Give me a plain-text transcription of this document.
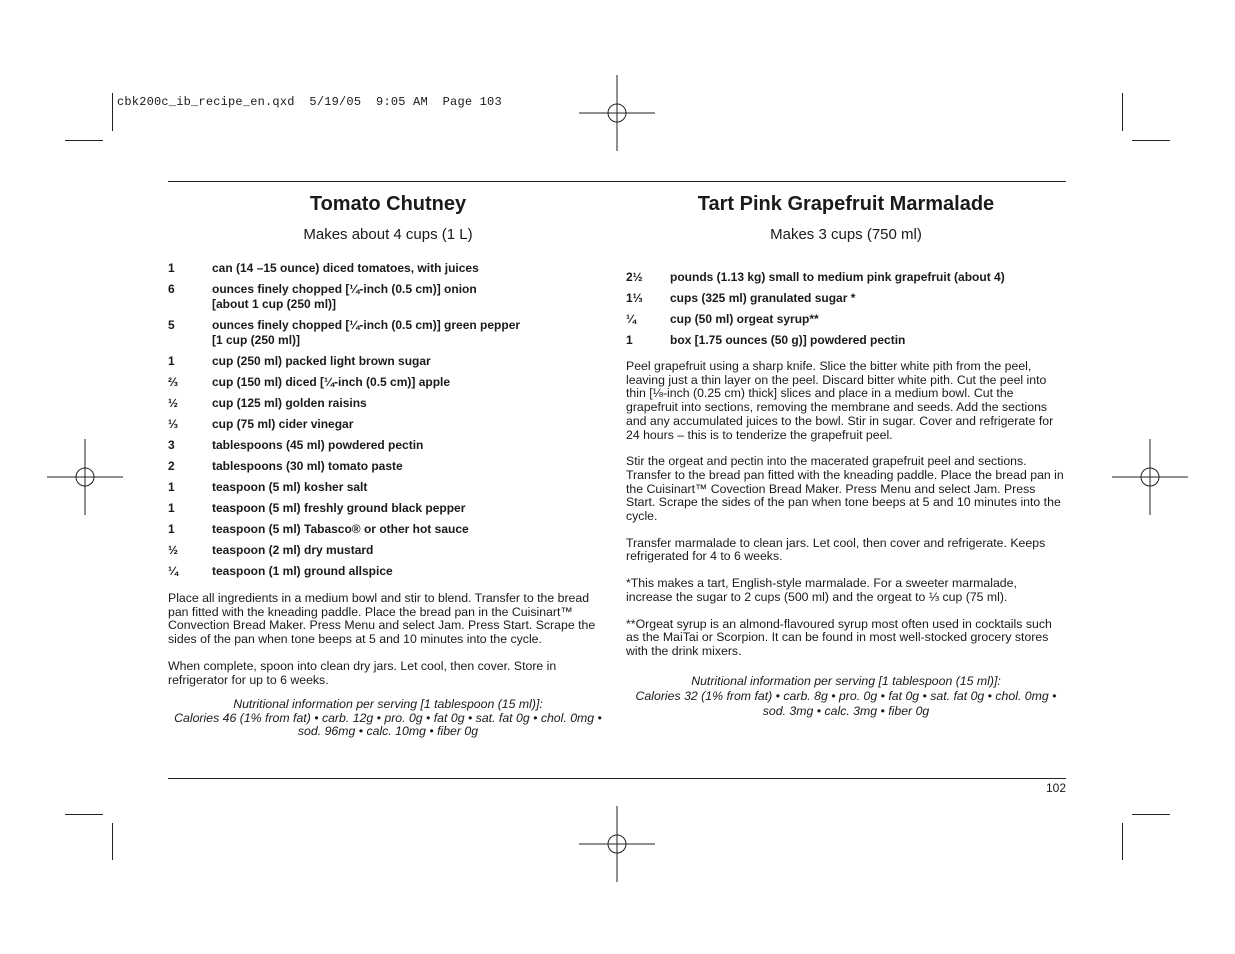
cbk200c_ib_recipe_en.qxd  5/19/05  9:05 AM  Page 103
Tomato Chutney
Makes about 4 cups (1 L)
1	can (14 –15 ounce) diced tomatoes, with juices
6	ounces finely chopped [¼-inch (0.5 cm)] onion
[about 1 cup (250 ml)]
5	ounces finely chopped [¼-inch (0.5 cm)] green pepper
[1 cup (250 ml)]
1	cup (250 ml) packed light brown sugar
⅔	cup (150 ml) diced [¼-inch (0.5 cm)] apple
½	cup (125 ml) golden raisins
⅓	cup (75 ml) cider vinegar
3	tablespoons (45 ml) powdered pectin
2	tablespoons (30 ml) tomato paste
1	teaspoon (5 ml) kosher salt
1	teaspoon (5 ml) freshly ground black pepper
1	teaspoon (5 ml) Tabasco® or other hot sauce
½	teaspoon (2 ml) dry mustard
¼	teaspoon (1 ml) ground allspice

Place all ingredients in a medium bowl and stir to blend. Transfer to the bread pan fitted with the kneading paddle. Place the bread pan in the Cuisinart™ Convection Bread Maker. Press Menu and select Jam. Press Start. Scrape the sides of the pan when tone beeps at 5 and 10 minutes into the cycle.

When complete, spoon into clean dry jars. Let cool, then cover. Store in refrigerator for up to 6 weeks.

Nutritional information per serving [1 tablespoon (15 ml)]:
Calories 46 (1% from fat) • carb. 12g • pro. 0g • fat 0g • sat. fat 0g • chol. 0mg • sod. 96mg • calc. 10mg • fiber 0g
Tart Pink Grapefruit Marmalade
Makes 3 cups (750 ml)
2½	pounds (1.13 kg) small to medium pink grapefruit (about 4)
1⅓	cups (325 ml) granulated sugar *
¼	cup (50 ml) orgeat syrup**
1	box [1.75 ounces (50 g)] powdered pectin

Peel grapefruit using a sharp knife. Slice the bitter white pith from the peel, leaving just a thin layer on the peel. Discard bitter white pith. Cut the peel into thin [⅛-inch (0.25 cm) thick] slices and place in a medium bowl. Cut the grapefruit into sections, removing the membrane and seeds. Add the sections and any accumulated juices to the bowl. Stir in sugar. Cover and refrigerate for 24 hours – this is to tenderize the grapefruit peel.

Stir the orgeat and pectin into the macerated grapefruit peel and sections. Transfer to the bread pan fitted with the kneading paddle. Place the bread pan in the Cuisinart™ Covection Bread Maker. Press Menu and select Jam. Press Start. Scrape the sides of the pan when tone beeps at 5 and 10 minutes into the cycle.

Transfer marmalade to clean jars. Let cool, then cover and refrigerate. Keeps refrigerated for 4 to 6 weeks.

*This makes a tart, English-style marmalade. For a sweeter marmalade, increase the sugar to 2 cups (500 ml) and the orgeat to ⅓ cup (75 ml).

**Orgeat syrup is an almond-flavoured syrup most often used in cocktails such as the MaiTai or Scorpion. It can be found in most well-stocked grocery stores with the drink mixers.

Nutritional information per serving [1 tablespoon (15 ml)]:
Calories 32 (1% from fat) • carb. 8g • pro. 0g • fat 0g • sat. fat 0g • chol. 0mg • sod. 3mg • calc. 3mg • fiber 0g
102
